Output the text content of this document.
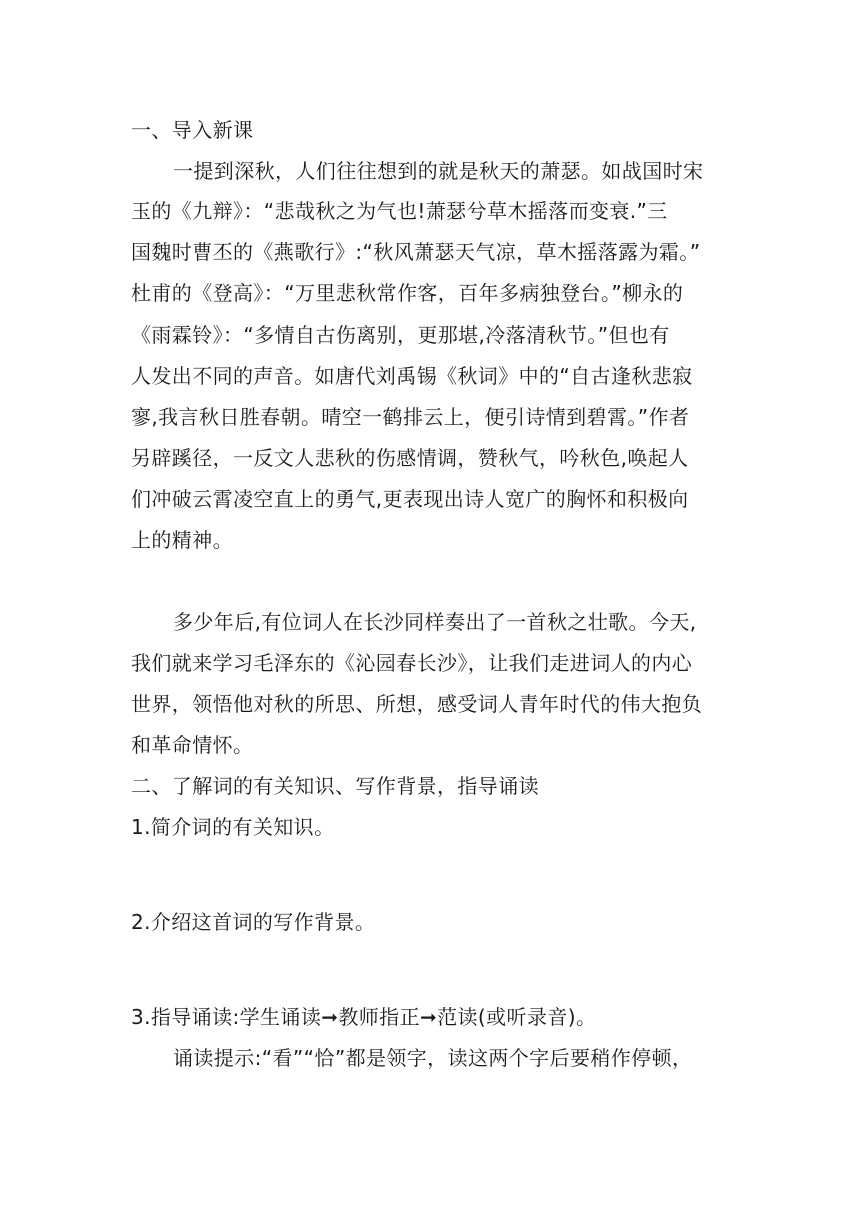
一、导入新课
一提到深秋，人们往往想到的就是秋天的萧瑟。如战国时宋
玉的《九辩》：“悲哉秋之为气也!萧瑟兮草木摇落而变衰.”三
国魏时曹丕的《燕歌行》:“秋风萧瑟天气凉，草木摇落露为霜。”
杜甫的《登高》：“万里悲秋常作客，百年多病独登台。”柳永的
《雨霖铃》：“多情自古伤离别，更那堪,冷落清秋节。”但也有
人发出不同的声音。如唐代刘禹锡《秋词》中的“自古逢秋悲寂
寥,我言秋日胜春朝。晴空一鹤排云上，便引诗情到碧霄。”作者
另辟蹊径，一反文人悲秋的伤感情调，赞秋气，吟秋色,唤起人
们冲破云霄凌空直上的勇气,更表现出诗人宽广的胸怀和积极向
上的精神。
多少年后,有位词人在长沙同样奏出了一首秋之壮歌。今天,
我们就来学习毛泽东的《沁园春长沙》，让我们走进词人的内心
世界，领悟他对秋的所思、所想，感受词人青年时代的伟大抱负
和革命情怀。
二、了解词的有关知识、写作背景，指导诵读
1.简介词的有关知识。
2.介绍这首词的写作背景。
3.指导诵读:学生诵读➞教师指正➞范读(或听录音)。
诵读提示:“看”“恰”都是领字，读这两个字后要稍作停顿，
